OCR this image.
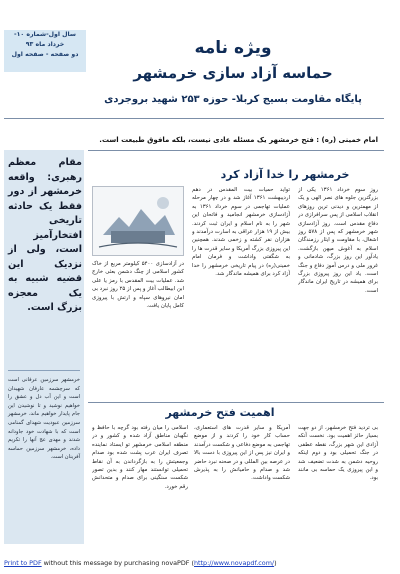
سال اول-شماره ۱۰-
خرداد ماه ۹۳
دو صفحه - صفحه اول	ویژه نامه
حماسه آزاد سازی خرمشهر
پایگاه مقاومت بسیج کربلا- حوزه ۲۵۳ شهید بروجردی
امام خمینی (ره) : فتح خرمشهر یک مسئله عادی نیست، بلکه مافوق طبیعت است.
مقام معظم رهبری: واقعه خرمشهر از دور فقط یک حادثه تاریخی افتخارآمیز است، ولی از نزدیک این قضیه شبیه به یک معجزه بزرگ است.
خرمشهر سرزمین عرفانی است که سرچشمه عارفان شهیدان است و این آب دل و عشق را خواهیم نوشید و تا نوشیدن این جام پایدار خواهیم ماند، خرمشهر سرزمین عبودیت شهدای گمنامی است که با شهادت خود جاودانه شدند و مهدی عج آنها را تکریم داده، خرمشهر سرزمین حماسه آفرینان است.
خرمشهر را خدا آزاد کرد
روز سوم خرداد ۱۳۶۱ یکی از بزرگترین جلوه های نصر الهی و یک از مهمترین و دیدنی ترین روزهای انقلاب اسلامی از پس سرافرازی در دفاع مقدس است. روز آزادسازی شهر خرمشهر که پس از ۵۷۸ روز اشغال، با مقاومت و ایثار رزمندگان اسلام به آغوش میهن بازگشت. یادآور این روز بزرگ، شادمانی و غرور ملی و درس آموز دفاع و جنگ است. یاد این روز پیروزی بزرگ برای همیشه در تاریخ ایران ماندگار است.
تواید حمیات بیت المقدس در دهم اردیبهشت ۱۳۶۱ آغاز شد و در چهار مرحله عملیات تهاجمی در سوم خرداد ۱۳۶۱ به آزادسازی خرمشهر انجامید و فاتحان این شهر را به نام اسلام و ایران ثبت کردند. بیش از ۱۹ هزار عراقی به اسارت درآمدند و هزاران نفر کشته و زخمی شدند. همچنین این پیروزی بزرگ آمریکا و سایر قدرت ها را به شگفتی واداشت و فرمان امام خمینی(ره) در پیام تاریخی خرمشهر را خدا آزاد کرد برای همیشه ماندگار شد.
در آزادسازی ۵۴۰۰ کیلومتر مربع از خاک کشور اسلامی از چنگ دشمن بعثی خارج شد. عملیات بیت المقدس با رمز یا علی ابن ابیطالب آغاز و پس از ۲۵ روز نبرد بی امان نیروهای سپاه و ارتش با پیروزی کامل پایان یافت.
اهمیت فتح خرمشهر
بی تردید فتح خرمشهر، از دو جهت بسیار حائز اهمیت بود. نخست آنکه آزادی این شهر بزرگ، نقطه عطفی در جنگ تحمیلی بود و دوم اینکه روحیه دشمن به شدت تضعیف شد و این پیروزی یک حماسه بی مانند بود.
آمریکا و سایر قدرت های استعماری، حساب کار خود را کردند و از موضع تهاجمی به موضع دفاعی و شکست درآمدند و ایران نیز پس از این پیروزی با دست بالا در عرصه بین المللی و در صحنه نبرد حاضر شد و صدام و حامیانش را به پذیرش شکست واداشت.
اسلامی را میان رفته بود گرچه با حافظ و نگهبان مناطق آزاد شده و کشور و در منطقه اسلامی خرمشهر تو ایستاد نماینده تصرف ایران عرب پشت شده بود صدام وجمعیتش را به بازگرداندن به آن نقاط تحمیلی توانستند مهار کنند و بدین تصور شکست سنگینی برای صدام و متحدانش رقم خورد.
Print to PDF without this message by purchasing novaPDF (http://www.novapdf.com/)
